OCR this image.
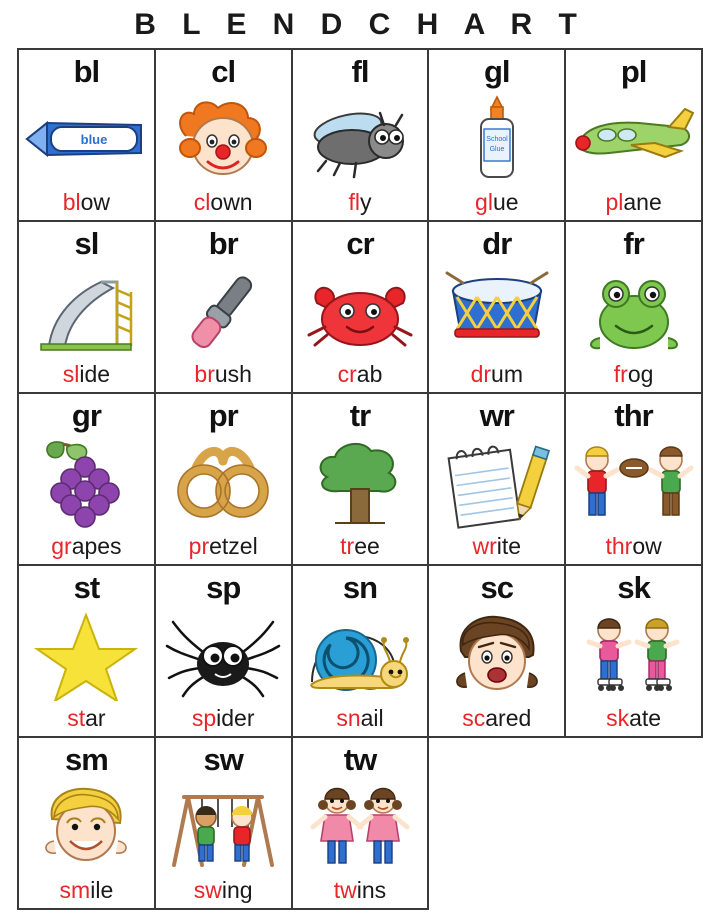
B L E N D C H A R T
bl
blue
blow
cl
clown
fl
fly
gl
School
Glue
glue
pl
plane
sl
slide
br
brush
cr
crab
dr
drum
fr
frog
gr
grapes
pr
pretzel
tr
tree
wr
write
thr
throw
st
star
sp
spider
sn
snail
sc
scared
sk
skate
sm
smile
sw
swing
tw
twins
